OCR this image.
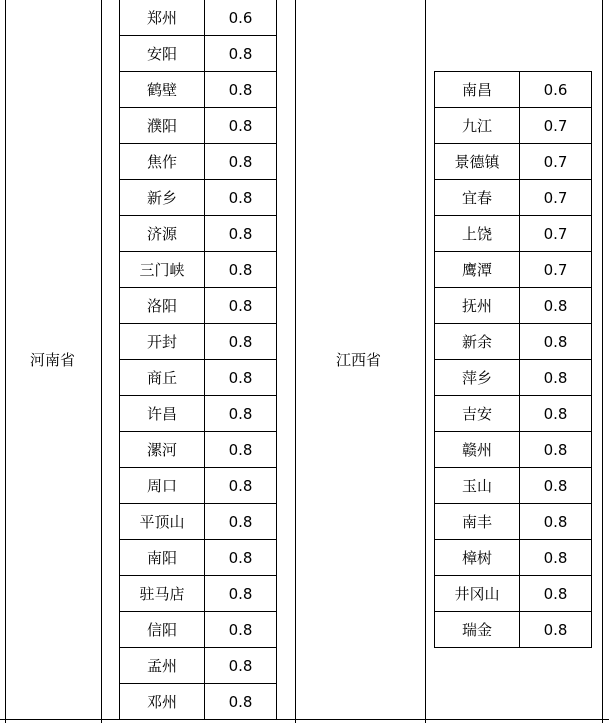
河南省	江西省
郑州	0.6
安阳	0.8
鹤壁	0.8
濮阳	0.8
焦作	0.8
新乡	0.8
济源	0.8
三门峡	0.8
洛阳	0.8
开封	0.8
商丘	0.8
许昌	0.8
漯河	0.8
周口	0.8
平顶山	0.8
南阳	0.8
驻马店	0.8
信阳	0.8
孟州	0.8
邓州	0.8
南昌	0.6
九江	0.7
景德镇	0.7
宜春	0.7
上饶	0.7
鹰潭	0.7
抚州	0.8
新余	0.8
萍乡	0.8
吉安	0.8
赣州	0.8
玉山	0.8
南丰	0.8
樟树	0.8
井冈山	0.8
瑞金	0.8
